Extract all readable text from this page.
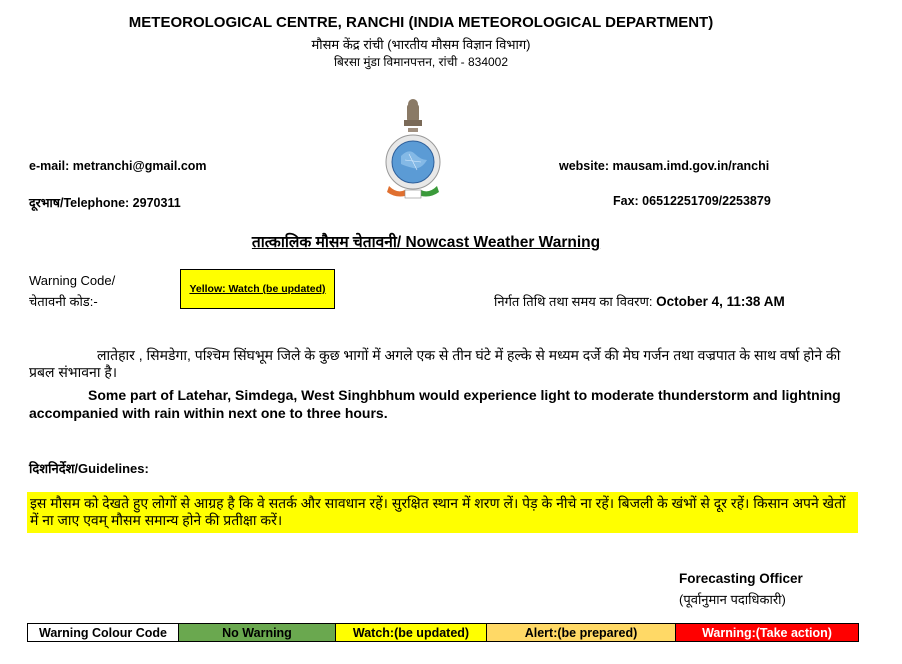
METEOROLOGICAL CENTRE, RANCHI (INDIA METEOROLOGICAL DEPARTMENT)
मौसम केंद्र रांची (भारतीय मौसम विज्ञान विभाग)
बिरसा मुंडा विमानपत्तन, रांची - 834002
e-mail: metranchi@gmail.com	website: mausam.imd.gov.in/ranchi
दूरभाष/Telephone: 2970311	Fax: 06512251709/2253879
तात्कालिक मौसम चेतावनी/ Nowcast Weather Warning
Warning Code/
चेतावनी कोड:-
Yellow: Watch (be updated)
निर्गत तिथि तथा समय का विवरण: October 4, 11:38 AM
लातेहार , सिमडेगा, पश्चिम सिंघभूम जिले के कुछ भागों में अगले एक से तीन घंटे में हल्के से मध्यम दर्जे की मेघ गर्जन तथा वज्रपात के साथ वर्षा होने की प्रबल संभावना है।
Some part of Latehar, Simdega, West Singhbhum would experience light to moderate thunderstorm and lightning accompanied with rain within next one to three hours.
दिशनिर्देश/Guidelines:
इस मौसम को देखते हुए लोगों से आग्रह है कि वे सतर्क और सावधान रहें। सुरक्षित स्थान में शरण लें। पेड़ के नीचे ना रहें। बिजली के खंभों से दूर रहें। किसान अपने खेतों में ना जाए एवम् मौसम समान्य होने की प्रतीक्षा करें।
Forecasting Officer
(पूर्वानुमान पदाधिकारी)
Warning Colour Code	No Warning	Watch:(be updated)	Alert:(be prepared)	Warning:(Take action)
